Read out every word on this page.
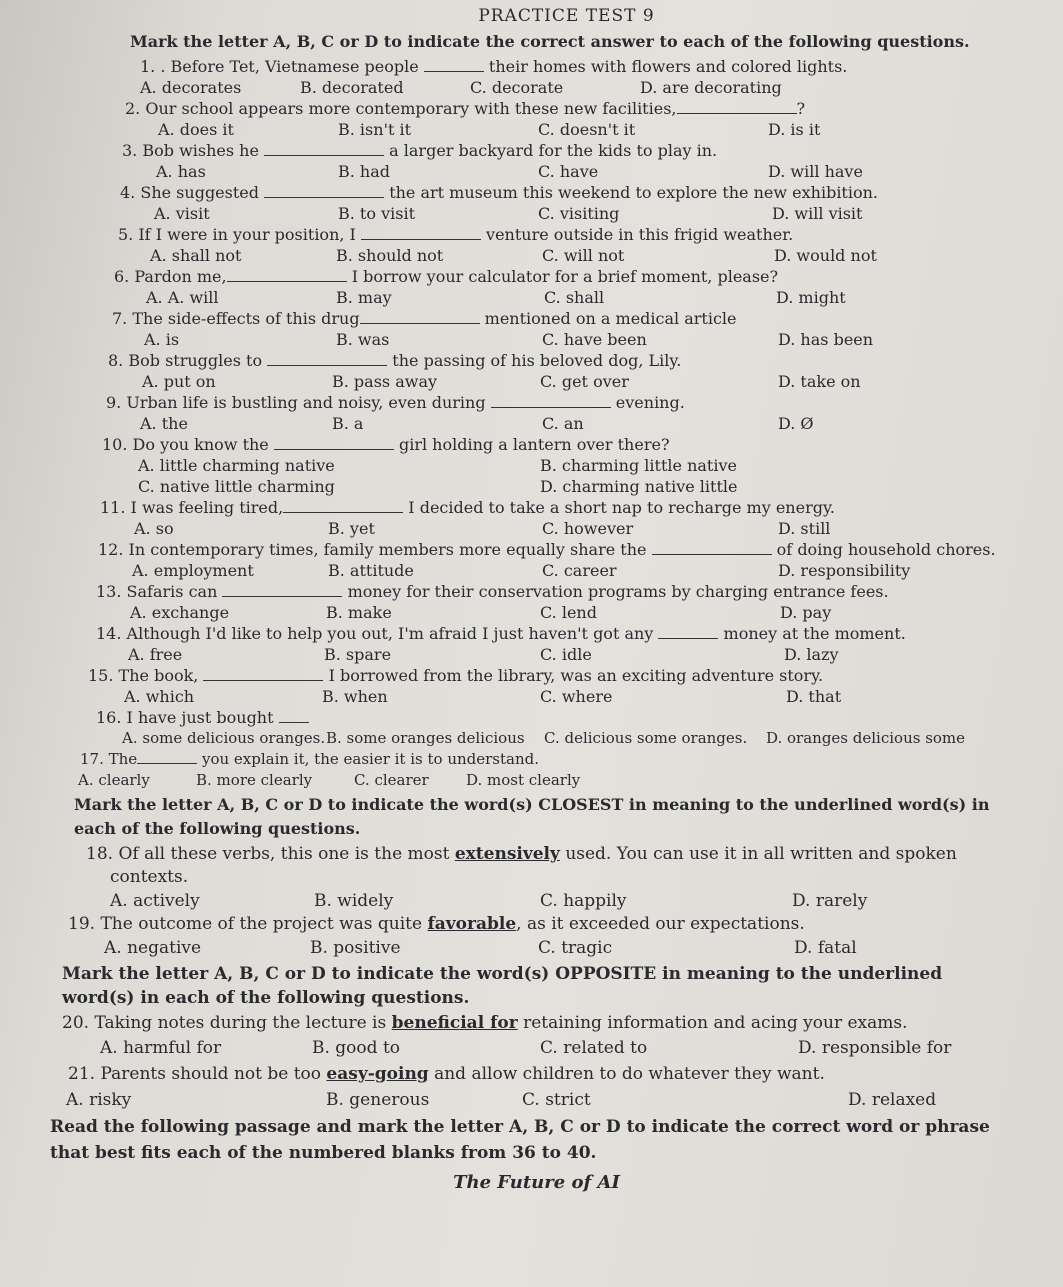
PRACTICE TEST 9
Mark the letter A, B, C or D to indicate the correct answer to each of the following questions.
1. . Before Tet, Vietnamese people	their homes with flowers and colored lights.
A. decorates	B. decorated	C. decorate	D. are decorating
2. Our school appears more contemporary with these new facilities,	?
A. does it	B. isn't it	C. doesn't it	D. is it
3. Bob wishes he	a larger backyard for the kids to play in.
A. has	B. had	C. have	D. will have
4. She suggested	the art museum this weekend to explore the new exhibition.
A. visit	B. to visit	C. visiting	D. will visit
5. If I were in your position, I	venture outside in this frigid weather.
A. shall not	B. should not	C. will not	D. would not
6. Pardon me,	I borrow your calculator for a brief moment, please?
A. A. will	B. may	C. shall	D. might
7. The side-effects of this drug	mentioned on a medical article
A. is	B. was	C. have been	D. has been
8. Bob struggles to	the passing of his beloved dog, Lily.
A. put on	B. pass away	C. get over	D. take on
9. Urban life is bustling and noisy, even during	evening.
A. the	B. a	C. an	D. Ø
10. Do you know the	girl holding a lantern over there?
A. little charming native	B. charming little native
C. native little charming	D. charming native little
11. I was feeling tired,	I decided to take a short nap to recharge my energy.
A. so	B. yet	C. however	D. still
12. In contemporary times, family members more equally share the	of doing household chores.
A. employment	B. attitude	C. career	D. responsibility
13. Safaris can	money for their conservation programs by charging entrance fees.
A. exchange	B. make	C. lend	D. pay
14. Although I'd like to help you out, I'm afraid I just haven't got any	money at the moment.
A. free	B. spare	C. idle	D. lazy
15. The book,	I borrowed from the library, was an exciting adventure story.
A. which	B. when	C. where	D. that
16. I have just bought
A. some delicious oranges. B. some oranges delicious	C. delicious some oranges.	D. oranges delicious some
17. The	you explain it, the easier it is to understand.
A. clearly	B. more clearly	C. clearer	D. most clearly
Mark the letter A, B, C or D to indicate the word(s) CLOSEST in meaning to the underlined word(s) in each of the following questions.
18. Of all these verbs, this one is the most extensively used. You can use it in all written and spoken
contexts.
A. actively	B. widely	C. happily	D. rarely
19. The outcome of the project was quite favorable, as it exceeded our expectations.
A. negative	B. positive	C. tragic	D. fatal
Mark the letter A, B, C or D to indicate the word(s) OPPOSITE in meaning to the underlined word(s) in each of the following questions.
20. Taking notes during the lecture is beneficial for retaining information and acing your exams.
A. harmful for	B. good to	C. related to	D. responsible for
21. Parents should not be too easy-going and allow children to do whatever they want.
A. risky	B. generous	C. strict	D. relaxed
Read the following passage and mark the letter A, B, C or D to indicate the correct word or phrase that best fits each of the numbered blanks from 36 to 40.
The Future of AI
